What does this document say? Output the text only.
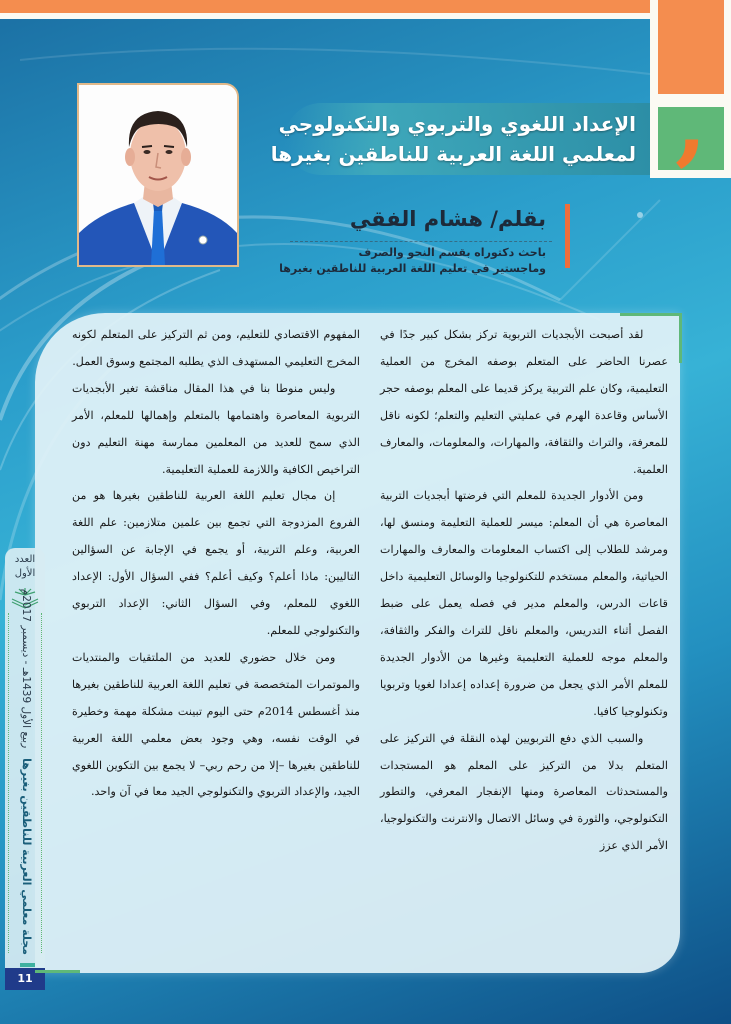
,
الإعداد اللغوي والتربوي والتكنولوجي
لمعلمي اللغة العربية للناطقين بغيرها
بقلم/ هشام الفقي
باحث دكتوراه بقسم النحو والصرف
وماجستير في تعليم اللغة العربية للناطقين بغيرها

لقد أصبحت الأبجديات التربوية تركز بشكل كبير جدًا في عصرنا الحاضر على المتعلم بوصفه المخرج من العملية التعليمية، وكان علم التربية يركز قديما على المعلم بوصفه حجر الأساس وقاعدة الهرم في عمليتي التعليم والتعلم؛ لكونه ناقل للمعرفة، والتراث والثقافة، والمهارات، والمعلومات، والمعارف العلمية.

ومن الأدوار الجديدة للمعلم التي فرضتها أبجديات التربية المعاصرة هي أن المعلم: ميسر للعملية التعليمة ومنسق لها، ومرشد للطلاب إلى اكتساب المعلومات والمعارف والمهارات الحياتية، والمعلم مستخدم للتكنولوجيا والوسائل التعليمية داخل قاعات الدرس، والمعلم مدير في فصله يعمل على ضبط الفصل أثناء التدريس، والمعلم ناقل للتراث والفكر والثقافة، والمعلم موجه للعملية التعليمية وغيرها من الأدوار الجديدة للمعلم الأمر الذي يجعل من ضرورة إعداده إعدادا لغويا وتربويا وتكنولوجيا كافيا.

والسبب الذي دفع التربويين لهذه النقلة في التركيز على المتعلم بدلا من التركيز على المعلم هو المستجدات والمستحدثات المعاصرة ومنها الإنفجار المعرفي، والتطور التكنولوجي، والثورة في وسائل الاتصال والانترنت والتكنولوجيا، الأمر الذي عزز

المفهوم الاقتصادي للتعليم، ومن ثم التركيز على المتعلم لكونه المخرج التعليمي المستهدف الذي يطلبه المجتمع وسوق العمل.

وليس منوطا بنا في هذا المقال مناقشة تغير الأبجديات التربوية المعاصرة واهتمامها بالمتعلم وإهمالها للمعلم، الأمر الذي سمح للعديد من المعلمين ممارسة مهنة التعليم دون التراخيص الكافية واللازمة للعملية التعليمية.

إن مجال تعليم اللغة العربية للناطقين بغيرها هو من الفروع المزدوجة التي تجمع بين علمين متلازمين: علم اللغة العربية، وعلم التربية، أو يجمع في الإجابة عن السؤالين التاليين: ماذا أعلم؟ وكيف أعلم؟ ففي السؤال الأول: الإعداد اللغوي للمعلم، وفي السؤال الثاني: الإعداد التربوي والتكنولوجي للمعلم.

ومن خلال حضوري للعديد من الملتقيات والمنتديات والموتمرات المتخصصة في تعليم اللغة العربية للناطقين بغيرها منذ أغسطس 2014م حتى اليوم تبينت مشكلة مهمة وخطيرة في الوقت نفسه، وهي وجود بعض معلمي اللغة العربية للناطقين بغيرها –إلا من رحم ربي– لا يجمع بين التكوين اللغوي الجيد، والإعداد التربوي والتكنولوجي الجيد معا في آن واحد.

العدد
الأول
مجلة معلمي العربية للناطقين بغيرهاربيع الأول 1439هـ - ديسمبر 2017م
11
